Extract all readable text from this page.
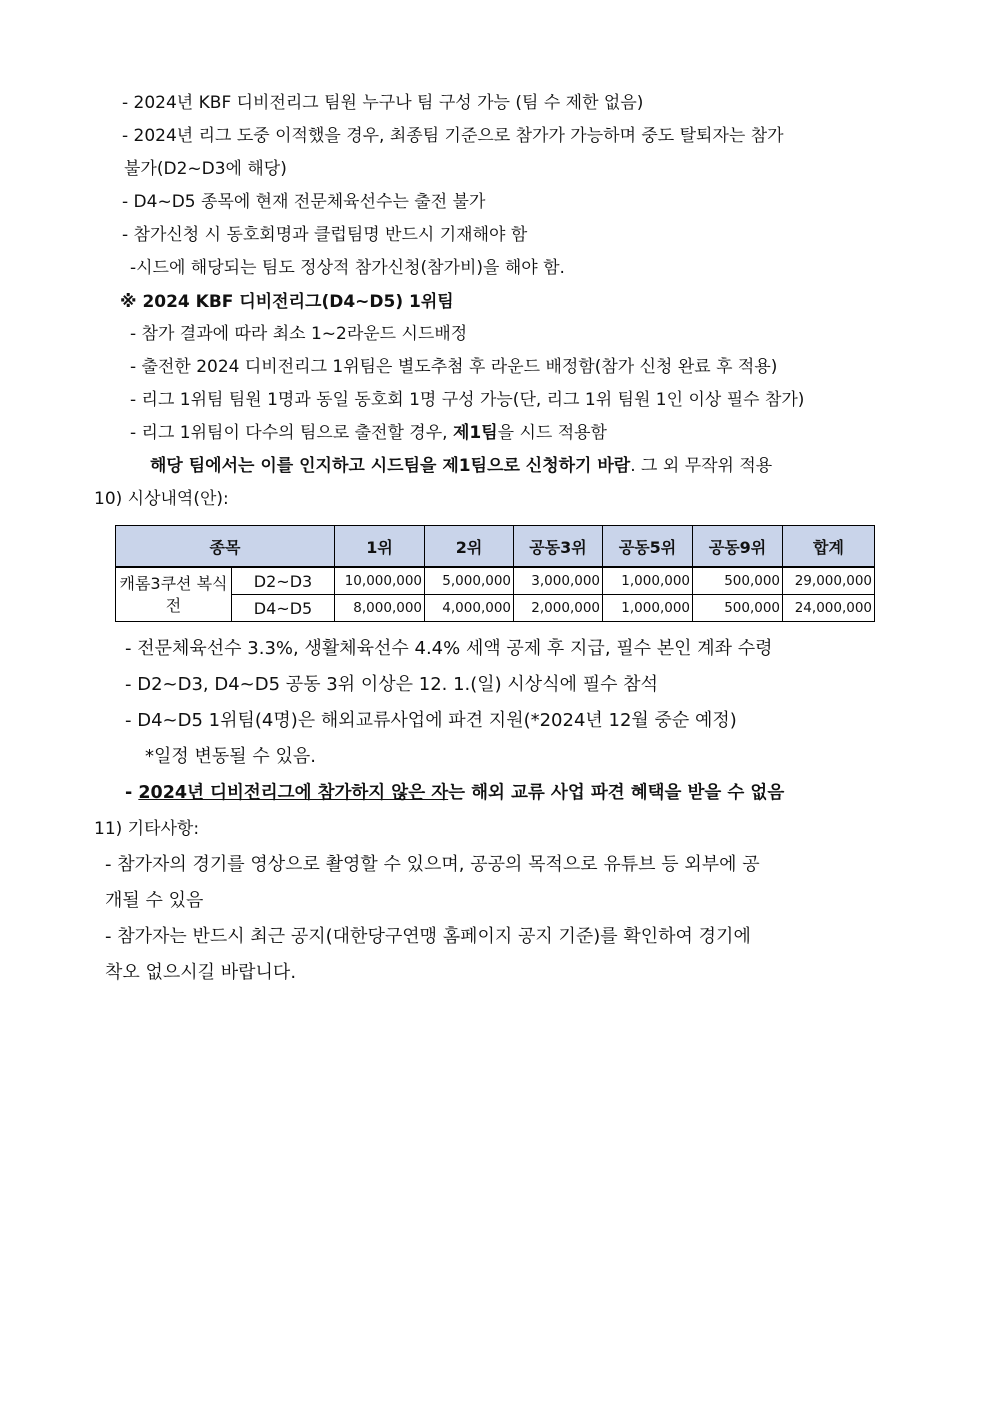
- 2024년 KBF 디비전리그 팀원 누구나 팀 구성 가능 (팀 수 제한 없음)
- 2024년 리그 도중 이적했을 경우, 최종팀 기준으로 참가가 가능하며 중도 탈퇴자는 참가
불가(D2~D3에 해당)
- D4~D5 종목에 현재 전문체육선수는 출전 불가
- 참가신청 시 동호회명과 클럽팀명 반드시 기재해야 함
-시드에 해당되는 팀도 정상적 참가신청(참가비)을 해야 함.
※ 2024 KBF 디비전리그(D4~D5) 1위팀
- 참가 결과에 따라 최소 1~2라운드 시드배정
- 출전한 2024 디비전리그 1위팀은 별도추첨 후 라운드 배정함(참가 신청 완료 후 적용)
- 리그 1위팀 팀원 1명과 동일 동호회 1명 구성 가능(단, 리그 1위 팀원 1인 이상 필수 참가)
- 리그 1위팀이 다수의 팀으로 출전할 경우, 제1팀을 시드 적용함
해당 팀에서는 이를 인지하고 시드팀을 제1팀으로 신청하기 바람. 그 외 무작위 적용
10) 시상내역(안):
종목		1위	2위	공동3위	공동5위	공동9위	합계
캐롬3쿠션 복식전	D2~D3	10,000,000	5,000,000	3,000,000	1,000,000	500,000	29,000,000
	D4~D5	8,000,000	4,000,000	2,000,000	1,000,000	500,000	24,000,000
- 전문체육선수 3.3%, 생활체육선수 4.4% 세액 공제 후 지급, 필수 본인 계좌 수령
- D2~D3, D4~D5 공동 3위 이상은 12. 1.(일) 시상식에 필수 참석
- D4~D5 1위팀(4명)은 해외교류사업에 파견 지원(*2024년 12월 중순 예정)
*일정 변동될 수 있음.
- 2024년 디비전리그에 참가하지 않은 자는 해외 교류 사업 파견 혜택을 받을 수 없음
11) 기타사항:
- 참가자의 경기를 영상으로 촬영할 수 있으며, 공공의 목적으로 유튜브 등 외부에 공
개될 수 있음
- 참가자는 반드시 최근 공지(대한당구연맹 홈페이지 공지 기준)를 확인하여 경기에
착오 없으시길 바랍니다.
